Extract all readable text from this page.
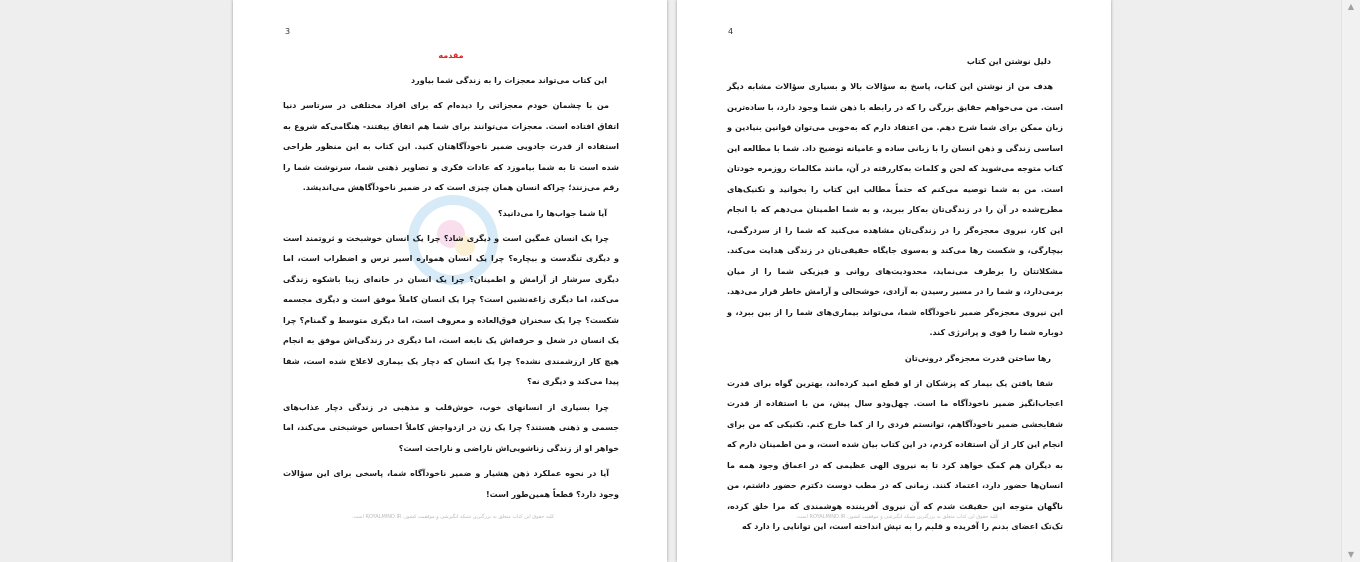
3
مقدمه
این کتاب می‌تواند معجزات را به زندگی شما بیاورد

من با چشمان خودم معجزاتی را دیده‌ام که برای افراد مختلفی در سرتاسر دنیا اتفاق افتاده است. معجزات می‌توانند برای شما هم اتفاق بیفتند- هنگامی‌که شروع به استفاده از قدرت جادویی ضمیر ناخودآگاهتان کنید. این کتاب به این منظور طراحی شده است تا به شما بیاموزد که عادات فکری و تصاویر ذهنی شما، سرنوشت شما را رقم می‌زنند؛ چراکه انسان همان چیزی است که در ضمیر ناخودآگاهش می‌اندیشد.

آیا شما جواب‌ها را می‌دانید؟

چرا یک انسان غمگین است و دیگری شاد؟ چرا یک انسان خوشبخت و ثروتمند است و دیگری تنگدست و بیچاره؟ چرا یک انسان همواره اسیر ترس و اضطراب است، اما دیگری سرشار از آرامش و اطمینان؟ چرا یک انسان در خانه‌ای زیبا باشکوه زندگی می‌کند، اما دیگری زاغه‌نشین است؟ چرا یک انسان کاملاً موفق است و دیگری مجسمه شکست؟ چرا یک سخنران فوق‌العاده و معروف است، اما دیگری متوسط و گمنام؟ چرا یک انسان در شغل و حرفه‌اش یک نابغه است، اما دیگری در زندگی‌اش موفق به انجام هیچ کار ارزشمندی نشده؟ چرا یک انسان که دچار یک بیماری لاعلاج شده است، شفا پیدا می‌کند و دیگری نه؟

چرا بسیاری از انسانهای خوب، خوش‌قلب و مذهبی در زندگی دچار عذاب‌های جسمی و ذهنی هستند؟ چرا یک زن در ازدواجش کاملاً احساس خوشبختی می‌کند، اما خواهر او از زندگی زناشویی‌اش ناراضی و ناراحت است؟

آیا در نحوه عملکرد ذهن هشیار و ضمیر ناخودآگاه شما، پاسخی برای این سؤالات وجود دارد؟ قطعاً همین‌طور است!

کلیه حقوق این کتاب متعلق به بزرگترین شبکه انگیزشی و موفقیت کشور، ROYALMIND.IR است.
4
دلیل نوشتن این کتاب

هدف من از نوشتن این کتاب، پاسخ به سؤالات بالا و بسیاری سؤالات مشابه دیگر است. من می‌خواهم حقایق بزرگی را که در رابطه با ذهن شما وجود دارد، با ساده‌ترین زبان ممکن برای شما شرح دهم. من اعتقاد دارم که به‌خوبی می‌توان قوانین بنیادین و اساسی زندگی و ذهن انسان را با زبانی ساده و عامیانه توضیح داد. شما با مطالعه این کتاب متوجه می‌شوید که لحن و کلمات به‌کاررفته در آن، مانند مکالمات روزمره خودتان است. من به شما توصیه می‌کنم که حتماً مطالب این کتاب را بخوانید و تکنیک‌های مطرح‌شده در آن را در زندگی‌تان به‌کار ببرید، و به شما اطمینان می‌دهم که با انجام این کار، نیروی معجزه‌گر را در زندگی‌تان مشاهده می‌کنید که شما را از سردرگمی، بیچارگی، و شکست رها می‌کند و به‌سوی جایگاه حقیقی‌تان در زندگی هدایت می‌کند. مشکلاتتان را برطرف می‌نماید، محدودیت‌های روانی و فیزیکی شما را از میان برمی‌دارد، و شما را در مسیر رسیدن به آزادی، خوشحالی و آرامش خاطر قرار می‌دهد. این نیروی معجزه‌گر ضمیر ناخودآگاه شما، می‌تواند بیماری‌های شما را از بین ببرد، و دوباره شما را قوی و پرانرژی کند.

رها ساختن قدرت معجزه‌گر درونی‌تان

شفا یافتن یک بیمار که پزشکان از او قطع امید کرده‌اند، بهترین گواه برای قدرت اعجاب‌انگیز ضمیر ناخودآگاه ما است. چهل‌ودو سال پیش، من با استفاده از قدرت شفابخشی ضمیر ناخودآگاهم، توانستم فردی را از کما خارج کنم. تکنیکی که من برای انجام این کار از آن استفاده کردم، در این کتاب بیان شده است، و من اطمینان دارم که به دیگران هم کمک خواهد کرد تا به نیروی الهی عظیمی که در اعماق وجود همه ما انسان‌ها حضور دارد، اعتماد کنند. زمانی که در مطب دوست دکترم حضور داشتم، من ناگهان متوجه این حقیقت شدم که آن نیروی آفریننده هوشمندی که مرا خلق کرده، تک‌تک اعضای بدنم را آفریده و قلبم را به تپش انداخته است، این توانایی را دارد که

کلیه حقوق این کتاب متعلق به بزرگترین شبکه انگیزشی و موفقیت کشور، ROYALMIND.IR است.
▲
▼
